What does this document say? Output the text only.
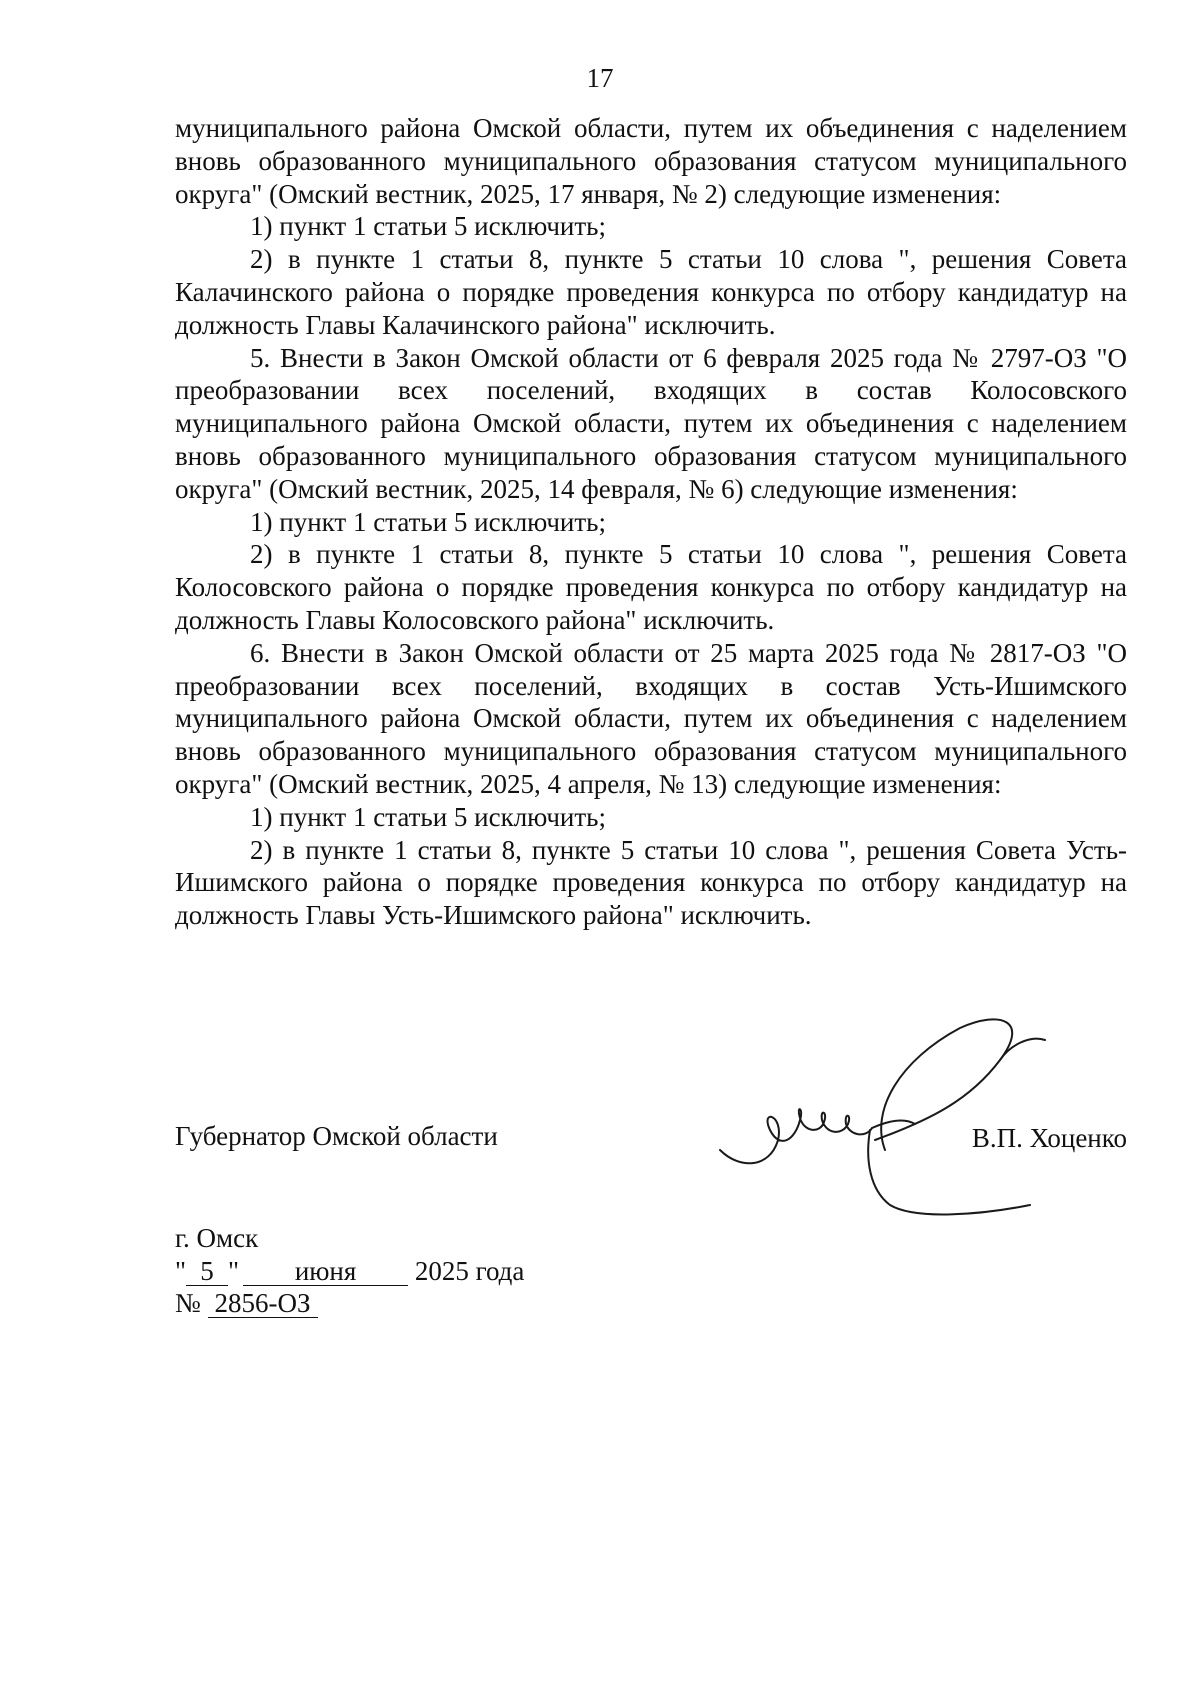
17

муниципального района Омской области, путем их объединения с наделением вновь образованного муниципального образования статусом муниципального округа" (Омский вестник, 2025, 17 января, № 2) следующие изменения:

1) пункт 1 статьи 5 исключить;

2) в пункте 1 статьи 8, пункте 5 статьи 10 слова ", решения Совета Калачинского района о порядке проведения конкурса по отбору кандидатур на должность Главы Калачинского района" исключить.

5. Внести в Закон Омской области от 6 февраля 2025 года № 2797-ОЗ "О преобразовании всех поселений, входящих в состав Колосовского муниципального района Омской области, путем их объединения с наделением вновь образованного муниципального образования статусом муниципального округа" (Омский вестник, 2025, 14 февраля, № 6) следующие изменения:

1) пункт 1 статьи 5 исключить;

2) в пункте 1 статьи 8, пункте 5 статьи 10 слова ", решения Совета Колосовского района о порядке проведения конкурса по отбору кандидатур на должность Главы Колосовского района" исключить.

6. Внести в Закон Омской области от 25 марта 2025 года № 2817-ОЗ "О преобразовании всех поселений, входящих в состав Усть-Ишимского муниципального района Омской области, путем их объединения с наделением вновь образованного муниципального образования статусом муниципального округа" (Омский вестник, 2025, 4 апреля, № 13) следующие изменения:

1) пункт 1 статьи 5 исключить;

2) в пункте 1 статьи 8, пункте 5 статьи 10 слова ", решения Совета Усть-Ишимского района о порядке проведения конкурса по отбору кандидатур на должность Главы Усть-Ишимского района" исключить.

Губернатор Омской области	В.П. Хоценко
г. Омск
" 5 " июня 2025 года
№ 2856-ОЗ
